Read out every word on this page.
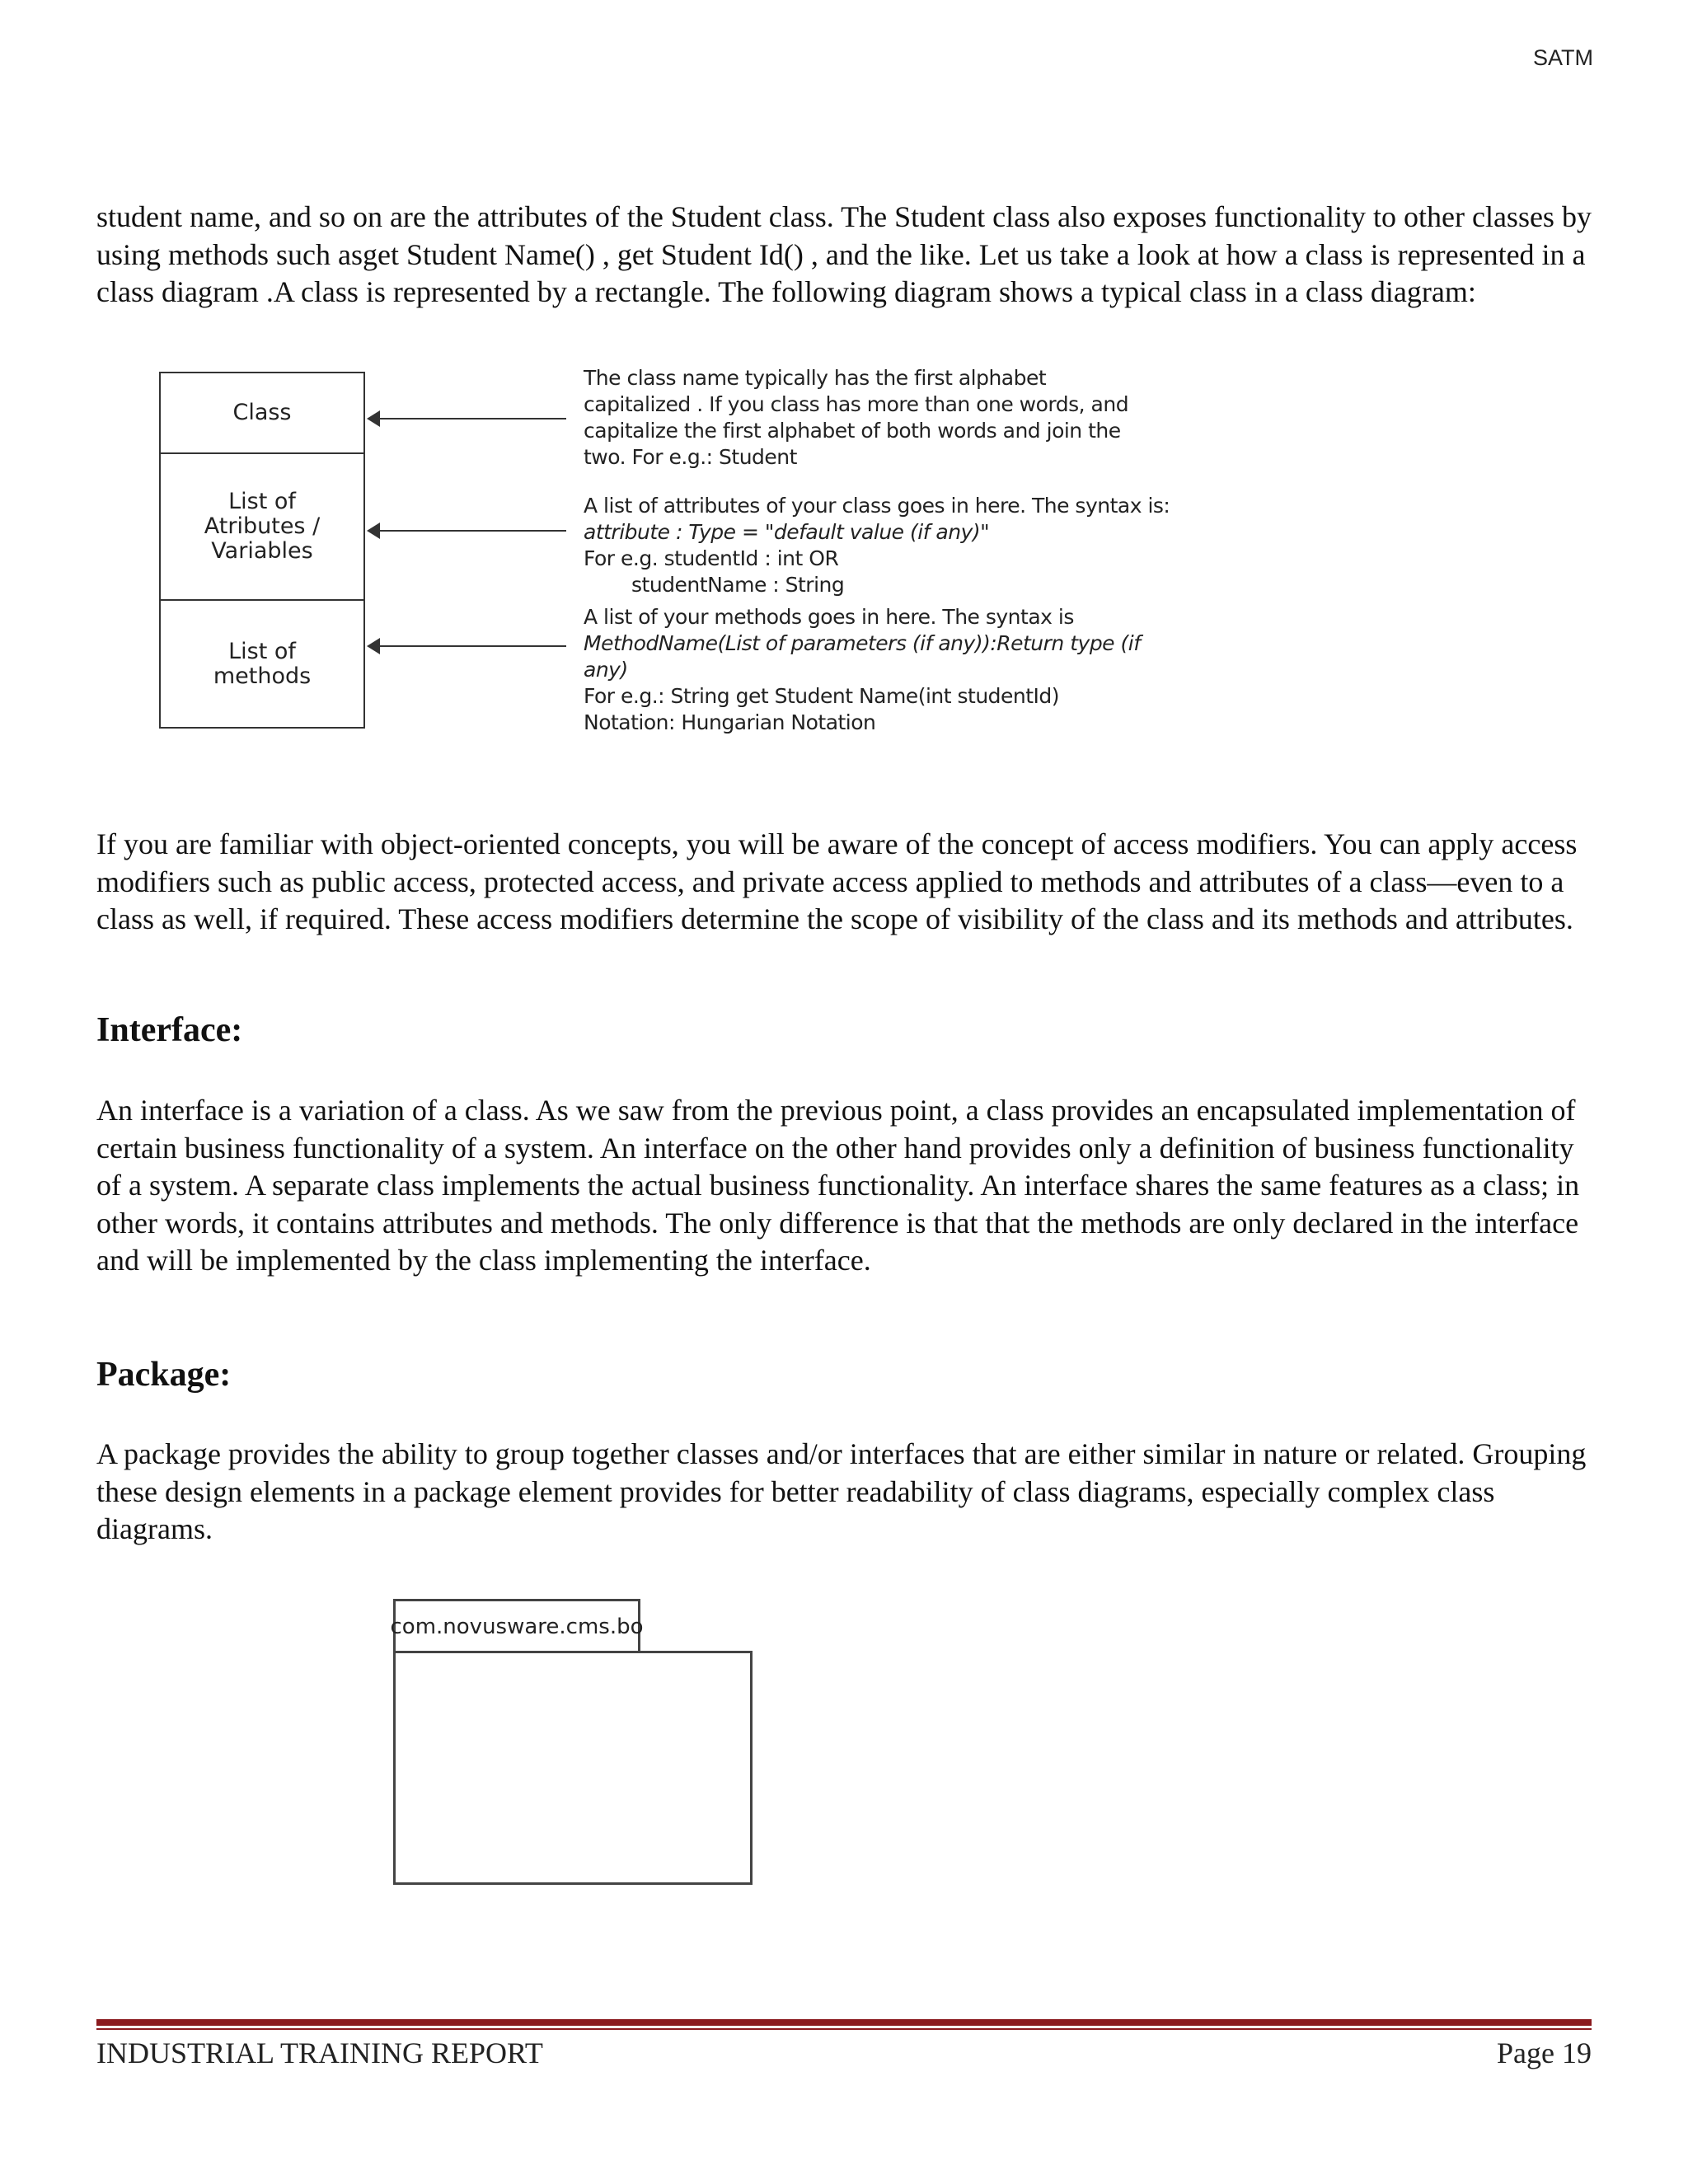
SATM

student name, and so on are the attributes of the Student class. The Student class also exposes functionality to other classes by using methods such asget Student Name() , get Student Id() , and the like. Let us take a look at how a class is represented in a class diagram .A class is represented by a rectangle. The following diagram shows a typical class in a class diagram:

Class
List of
Atributes /
Variables
List of
methods
The class name typically has the first alphabet
capitalized . If you class has more than one words, and
capitalize the first alphabet of both words and join the
two. For e.g.: Student
A list of attributes of your class goes in here. The syntax is:
attribute : Type = "default value (if any)"
For e.g. studentId : int OR
studentName : String
A list of your methods goes in here. The syntax is
MethodName(List of parameters (if any)):Return type (if
any)
For e.g.: String get Student Name(int studentId)
Notation: Hungarian Notation

If you are familiar with object-oriented concepts, you will be aware of the concept of access modifiers. You can apply access modifiers such as public access, protected access, and private access applied to methods and attributes of a class—even to a class as well, if required. These access modifiers determine the scope of visibility of the class and its methods and attributes.

Interface:

An interface is a variation of a class. As we saw from the previous point, a class provides an encapsulated implementation of certain business functionality of a system. An interface on the other hand provides only a definition of business functionality of a system. A separate class implements the actual business functionality. An interface shares the same features as a class; in other words, it contains attributes and methods. The only difference is that that the methods are only declared in the interface and will be implemented by the class implementing the interface.

Package:

A package provides the ability to group together classes and/or interfaces that are either similar in nature or related. Grouping these design elements in a package element provides for better readability of class diagrams, especially complex class diagrams.

com.novusware.cms.bo
INDUSTRIAL TRAINING REPORT	Page 19
